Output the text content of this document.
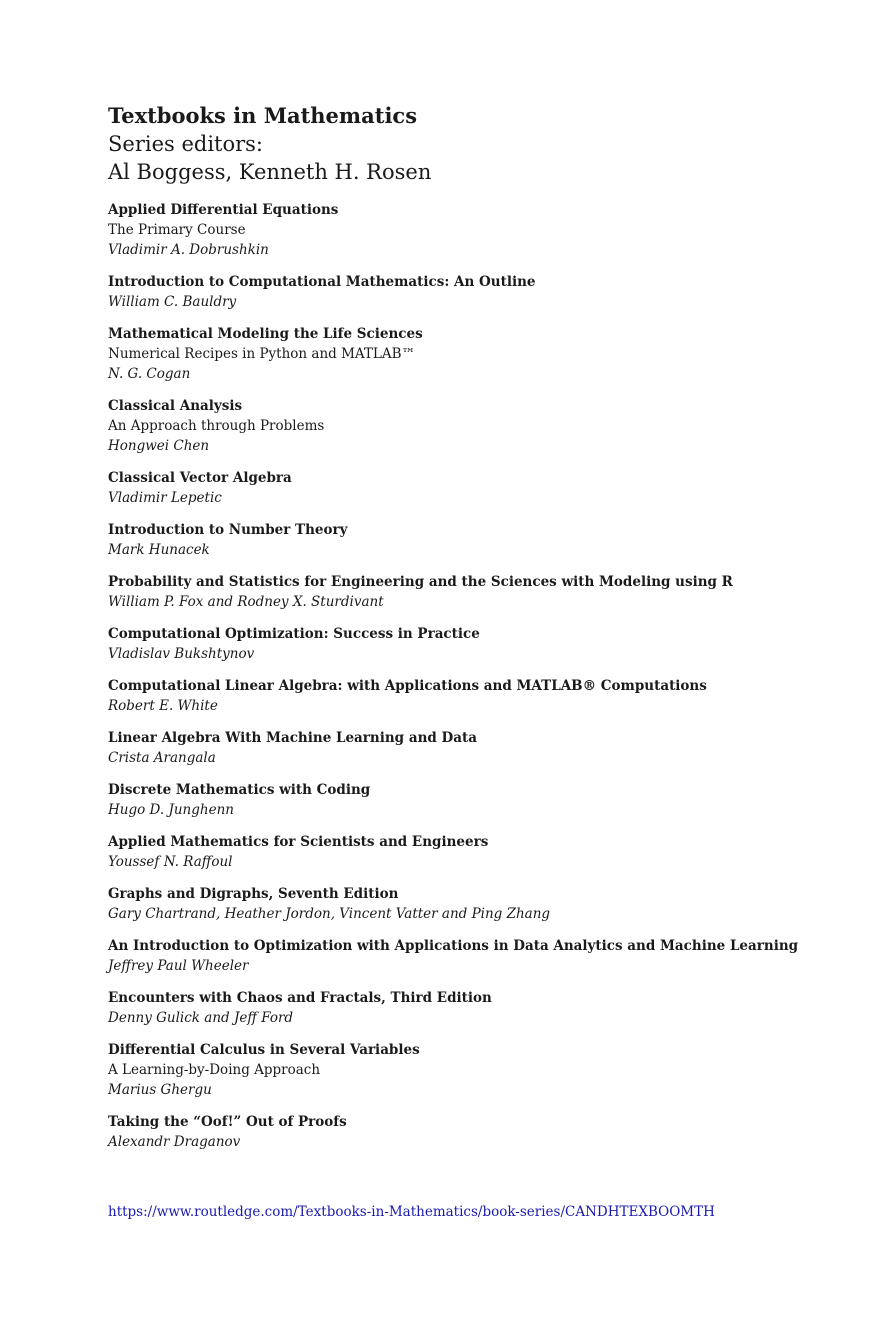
Textbooks in Mathematics
Series editors:
Al Boggess, Kenneth H. Rosen
Applied Differential Equations
The Primary Course
Vladimir A. Dobrushkin
Introduction to Computational Mathematics: An Outline
William C. Bauldry
Mathematical Modeling the Life Sciences
Numerical Recipes in Python and MATLAB™
N. G. Cogan
Classical Analysis
An Approach through Problems
Hongwei Chen
Classical Vector Algebra
Vladimir Lepetic
Introduction to Number Theory
Mark Hunacek
Probability and Statistics for Engineering and the Sciences with Modeling using R
William P. Fox and Rodney X. Sturdivant
Computational Optimization: Success in Practice
Vladislav Bukshtynov
Computational Linear Algebra: with Applications and MATLAB® Computations
Robert E. White
Linear Algebra With Machine Learning and Data
Crista Arangala
Discrete Mathematics with Coding
Hugo D. Junghenn
Applied Mathematics for Scientists and Engineers
Youssef N. Raffoul
Graphs and Digraphs, Seventh Edition
Gary Chartrand, Heather Jordon, Vincent Vatter and Ping Zhang
An Introduction to Optimization with Applications in Data Analytics and Machine Learning
Jeffrey Paul Wheeler
Encounters with Chaos and Fractals, Third Edition
Denny Gulick and Jeff Ford
Differential Calculus in Several Variables
A Learning-by-Doing Approach
Marius Ghergu
Taking the “Oof!” Out of Proofs
Alexandr Draganov
https://www.routledge.com/Textbooks-in-Mathematics/book-series/CANDHTEXBOOMTH
